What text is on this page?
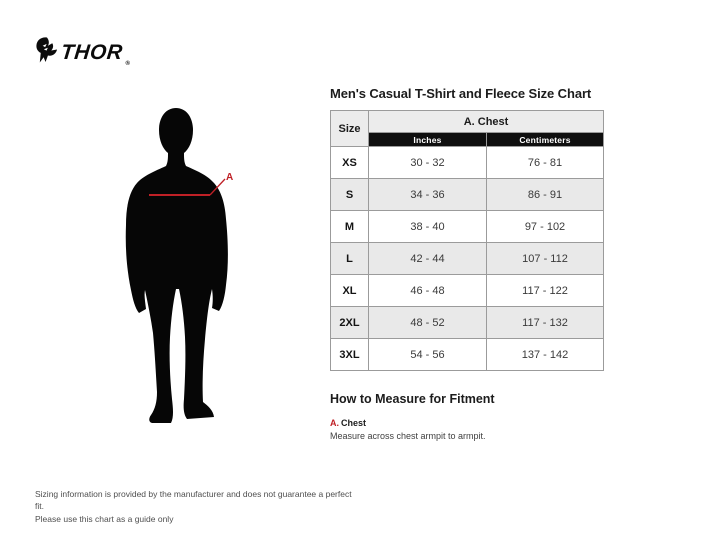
THOR
®
A
Men's Casual T-Shirt and Fleece Size Chart
Size	A. Chest	
	Inches	Centimeters
XS	30 - 32	76 - 81
S	34 - 36	86 - 91
M	38 - 40	97 - 102
L	42 - 44	107 - 112
XL	46 - 48	117 - 122
2XL	48 - 52	117 - 132
3XL	54 - 56	137 - 142
How to Measure for Fitment
A. Chest
Measure across chest armpit to armpit.
Sizing information is provided by the manufacturer and does not guarantee a perfect fit.
Please use this chart as a guide only
